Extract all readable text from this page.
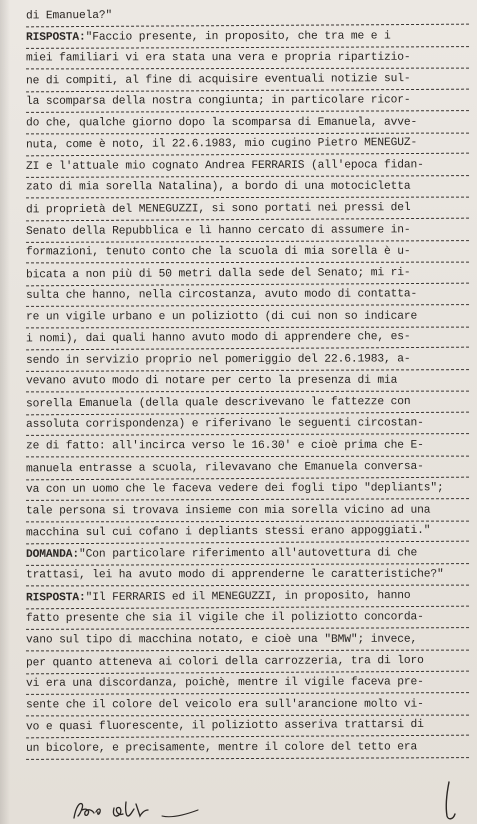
di Emanuela?"
RISPOSTA:"Faccio presente, in proposito, che tra me e i
miei familiari vi era stata una vera e propria ripartizio-
ne di compiti, al fine di acquisire eventuali notizie sul-
la scomparsa della nostra congiunta; in particolare ricor-
do che, qualche giorno dopo la scomparsa di Emanuela, avve-
nuta, come è noto, il 22.6.1983, mio cugino Pietro MENEGUZ-
ZI e l'attuale mio cognato Andrea FERRARIS (all'epoca fidan-
zato di mia sorella Natalina), a bordo di una motocicletta
di proprietà del MENEGUZZI, si sono portati nei pressi del
Senato della Repubblica e lì hanno cercato di assumere in-
formazioni, tenuto conto che la scuola di mia sorella è u-
bicata a non più di 50 metri dalla sede del Senato; mi ri-
sulta che hanno, nella circostanza, avuto modo di contatta-
re un vigile urbano e un poliziotto (di cui non so indicare
i nomi), dai quali hanno avuto modo di apprendere che, es-
sendo in servizio proprio nel pomeriggio del 22.6.1983, a-
vevano avuto modo di notare per certo la presenza di mia
sorella Emanuela (della quale descrivevano le fattezze con
assoluta corrispondenza) e riferivano le seguenti circostan-
ze di fatto: all'incirca verso le 16.30' e cioè prima che E-
manuela entrasse a scuola, rilevavano che Emanuela conversa-
va con un uomo che le faceva vedere dei fogli tipo "depliants";
tale persona si trovava insieme con mia sorella vicino ad una
macchina sul cui cofano i depliants stessi erano appoggiati."
DOMANDA:"Con particolare riferimento all'autovettura di che
trattasi, lei ha avuto modo di apprenderne le caratteristiche?"
RISPOSTA:"Il FERRARIS ed il MENEGUZZI, in proposito, hanno
fatto presente che sia il vigile che il poliziotto concorda-
vano sul tipo di macchina notato, e cioè una "BMW"; invece,
per quanto atteneva ai colori della carrozzeria, tra di loro
vi era una discordanza, poichè, mentre il vigile faceva pre-
sente che il colore del veicolo era sull'arancione molto vi-
vo e quasi fluorescente, il poliziotto asseriva trattarsi di
un bicolore, e precisamente, mentre il colore del tetto era
